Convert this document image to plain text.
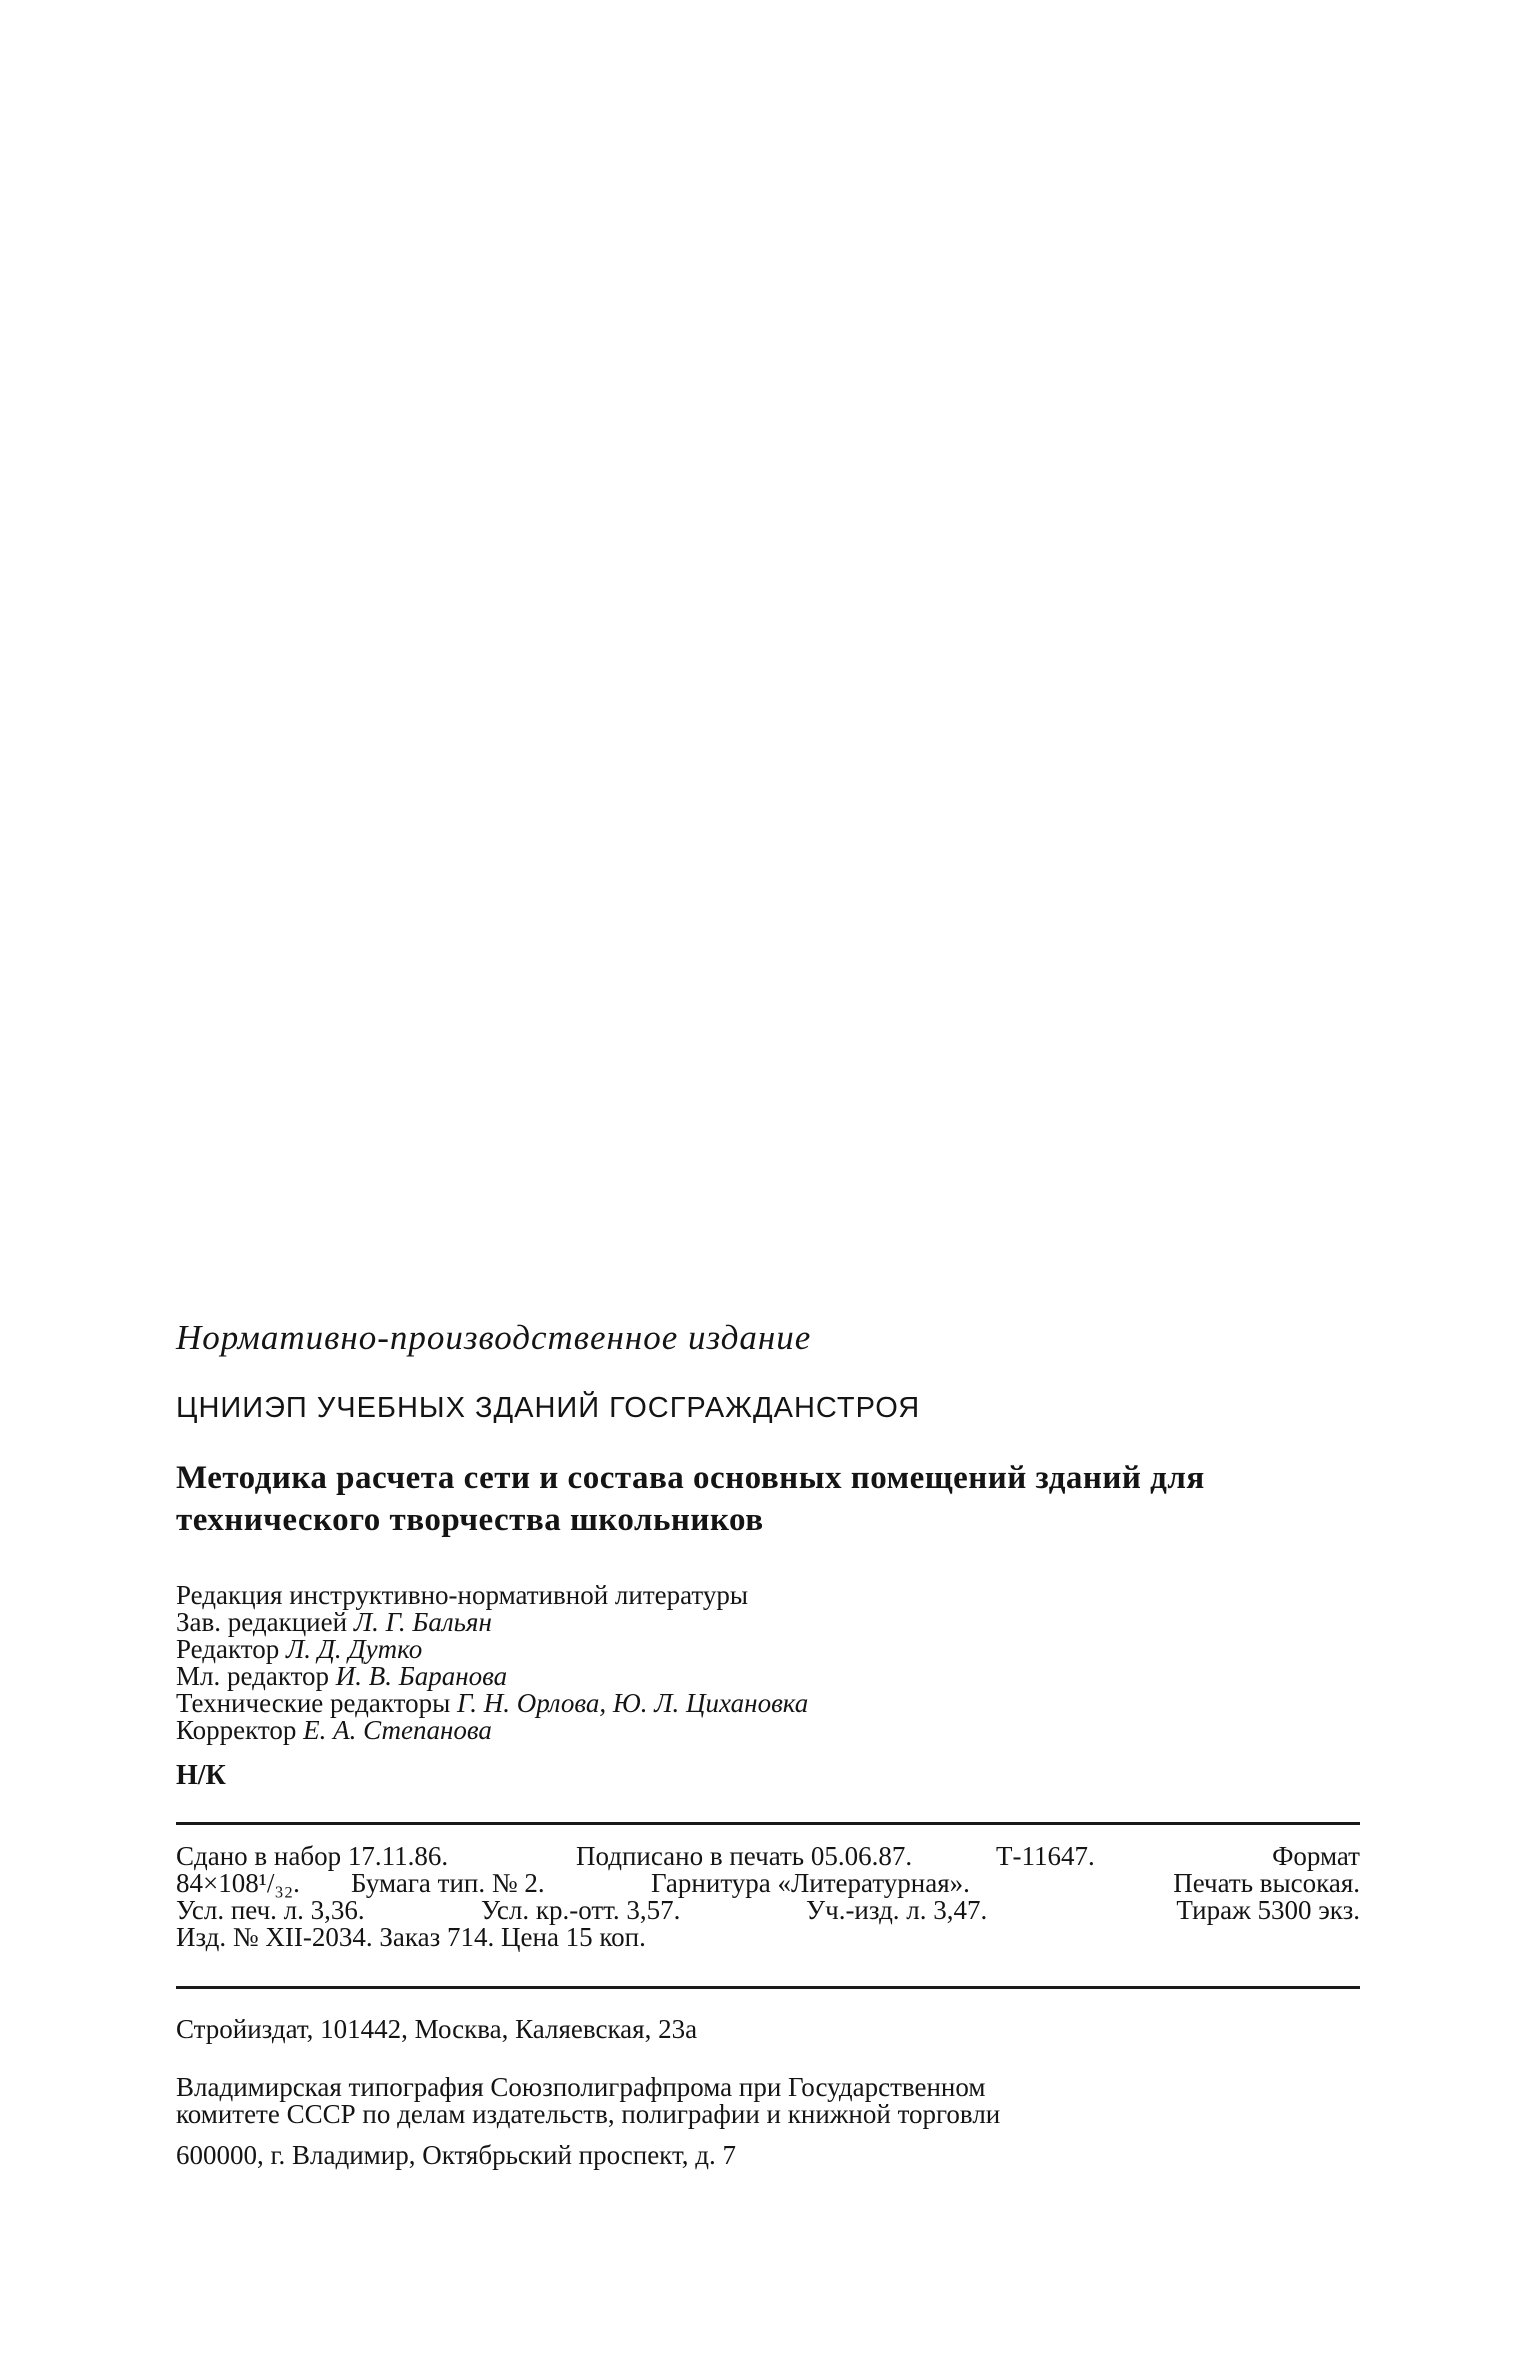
Нормативно-производственное издание

ЦНИИЭП УЧЕБНЫХ ЗДАНИЙ ГОСГРАЖДАНСТРОЯ

Методика расчета сети и состава основных помещений зданий для
технического творчества школьников

Редакция инструктивно-нормативной литературы
Зав. редакцией Л. Г. Бальян
Редактор Л. Д. Дутко
Мл. редактор И. В. Баранова
Технические редакторы Г. Н. Орлова, Ю. Л. Цихановка
Корректор Е. А. Степанова

Н/К

Сдано в набор 17.11.86.	Подписано в печать 05.06.87.	Т-11647.	Формат
84×108¹/₃₂. Бумага тип. № 2.	Гарнитура «Литературная».	Печать высокая.
Усл. печ. л. 3,36.	Усл. кр.-отт. 3,57.	Уч.-изд. л. 3,47.	Тираж 5300 экз.
Изд. № XII-2034. Заказ 714. Цена 15 коп.

Стройиздат, 101442, Москва, Каляевская, 23а

Владимирская типография Союзполиграфпрома при Государственном
комитете СССР по делам издательств, полиграфии и книжной торговли

600000, г. Владимир, Октябрьский проспект, д. 7
